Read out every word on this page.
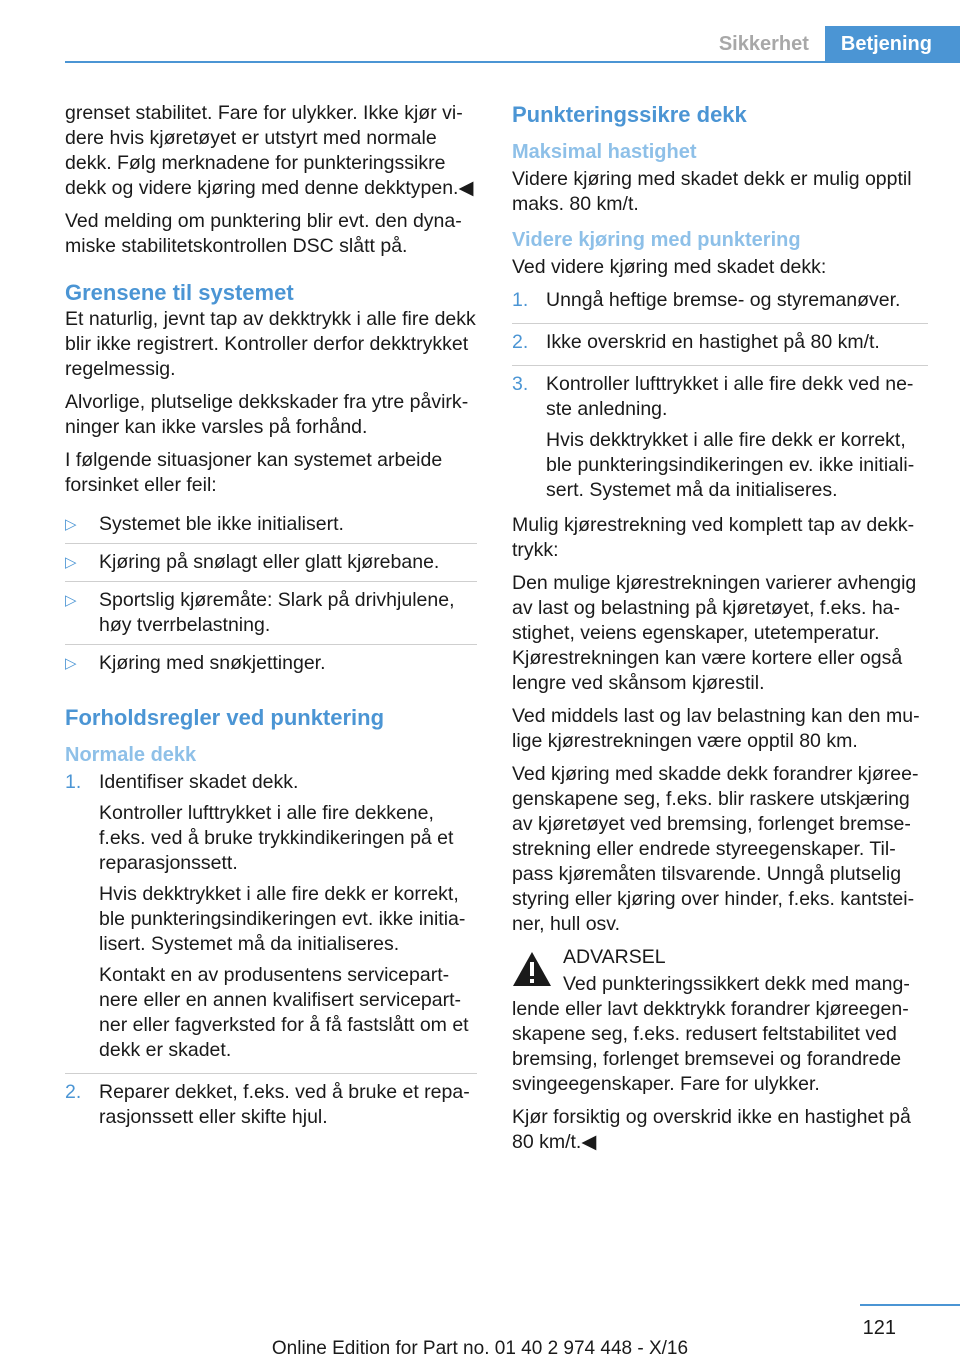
Sikkerhet	Betjening

grenset stabilitet. Fare for ulykker. Ikke kjør videre hvis kjøretøyet er utstyrt med normale dekk. Følg merknadene for punkteringssikre dekk og videre kjøring med denne dekktypen.◀

Ved melding om punktering blir evt. den dynamiske stabilitetskontrollen DSC slått på.

Grensene til systemet

Et naturlig, jevnt tap av dekktrykk i alle fire dekk blir ikke registrert. Kontroller derfor dekktrykket regelmessig.

Alvorlige, plutselige dekkskader fra ytre påvirkninger kan ikke varsles på forhånd.

I følgende situasjoner kan systemet arbeide forsinket eller feil:

▷	Systemet ble ikke initialisert.
▷	Kjøring på snølagt eller glatt kjørebane.
▷	Sportslig kjøremåte: Slark på drivhjulene, høy tverrbelastning.
▷	Kjøring med snøkjettinger.
Forholdsregler ved punktering
Normale dekk
1. Identifiser skadet dekk.

Kontroller lufttrykket i alle fire dekkene, f.eks. ved å bruke trykkindikeringen på et reparasjonssett.

Hvis dekktrykket i alle fire dekk er korrekt, ble punkteringsindikeringen evt. ikke initialisert. Systemet må da initialiseres.

Kontakt en av produsentens servicepartnere eller en annen kvalifisert servicepartner eller fagverksted for å få fastslått om et dekk er skadet.

2. Reparer dekket, f.eks. ved å bruke et reparasjonssett eller skifte hjul.

Punkteringssikre dekk
Maksimal hastighet

Videre kjøring med skadet dekk er mulig opptil maks. 80 km/t.

Videre kjøring med punktering

Ved videre kjøring med skadet dekk:

1. Unngå heftige bremse- og styremanøver.

2. Ikke overskrid en hastighet på 80 km/t.

3. Kontroller lufttrykket i alle fire dekk ved neste anledning.

Hvis dekktrykket i alle fire dekk er korrekt, ble punkteringsindikeringen ev. ikke initialisert. Systemet må da initialiseres.

Mulig kjørestrekning ved komplett tap av dekktrykk:

Den mulige kjørestrekningen varierer avhengig av last og belastning på kjøretøyet, f.eks. hastighet, veiens egenskaper, utetemperatur. Kjørestrekningen kan være kortere eller også lengre ved skånsom kjørestil.

Ved middels last og lav belastning kan den mulige kjørestrekningen være opptil 80 km.

Ved kjøring med skadde dekk forandrer kjøreegenskapene seg, f.eks. blir raskere utskjæring av kjøretøyet ved bremsing, forlenget bremsestrekning eller endrede styreegenskaper. Tilpass kjøremåten tilsvarende. Unngå plutselig styring eller kjøring over hinder, f.eks. kantsteiner, hull osv.

ADVARSEL

Ved punkteringssikkert dekk med manglende eller lavt dekktrykk forandrer kjøreegenskapene seg, f.eks. redusert feltstabilitet ved bremsing, forlenget bremsevei og forandrede svingeegenskaper. Fare for ulykker.

Kjør forsiktig og overskrid ikke en hastighet på 80 km/t.◀

121
Online Edition for Part no. 01 40 2 974 448 - X/16
